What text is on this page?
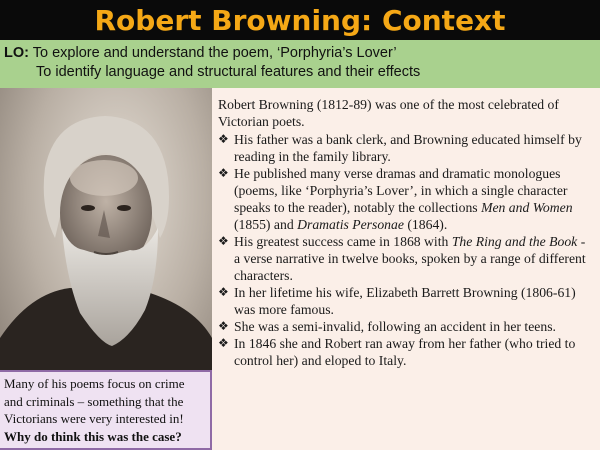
Robert Browning: Context
LO: To explore and understand the poem, ‘Porphyria’s Lover’
To identify language and structural features and their effects

Robert Browning (1812-89) was one of the most celebrated of Victorian poets.

❖ His father was a bank clerk, and Browning educated himself by reading in the family library.
❖ He published many verse dramas and dramatic monologues (poems, like ‘Porphyria’s Lover’, in which a single character speaks to the reader), notably the collections Men and Women (1855) and Dramatis Personae (1864).
❖ His greatest success came in 1868 with The Ring and the Book - a verse narrative in twelve books, spoken by a range of different characters.
❖ In her lifetime his wife, Elizabeth Barrett Browning (1806-61) was more famous.
❖ She was a semi-invalid, following an accident in her teens.
❖ In 1846 she and Robert ran away from her father (who tried to control her) and eloped to Italy.
Many of his poems focus on crime and criminals – something that the Victorians were very interested in! Why do think this was the case?
